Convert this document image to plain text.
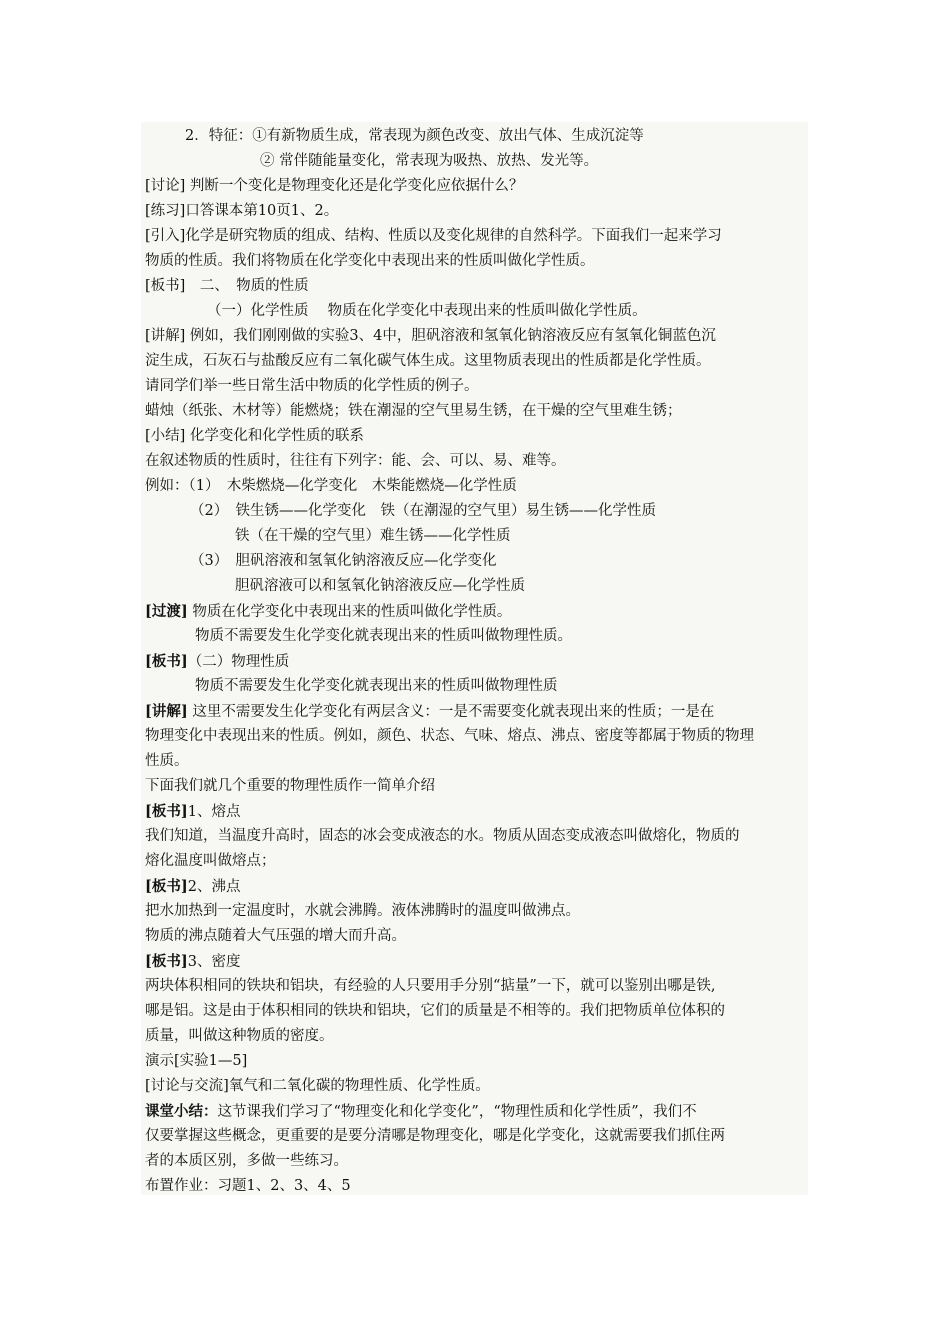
2．特征：①有新物质生成，常表现为颜色改变、放出气体、生成沉淀等
② 常伴随能量变化，常表现为吸热、放热、发光等。
[讨论] 判断一个变化是物理变化还是化学变化应依据什么？
[练习]口答课本第10页1、2。
[引入]化学是研究物质的组成、结构、性质以及变化规律的自然科学。下面我们一起来学习
物质的性质。我们将物质在化学变化中表现出来的性质叫做化学性质。
[板书]　二、　物质的性质
（一）化学性质　 物质在化学变化中表现出来的性质叫做化学性质。
[讲解] 例如，我们刚刚做的实验3、4中，胆矾溶液和氢氧化钠溶液反应有氢氧化铜蓝色沉
淀生成，石灰石与盐酸反应有二氧化碳气体生成。这里物质表现出的性质都是化学性质。
请同学们举一些日常生活中物质的化学性质的例子。
蜡烛（纸张、木材等）能燃烧；铁在潮湿的空气里易生锈，在干燥的空气里难生锈；
[小结] 化学变化和化学性质的联系
在叙述物质的性质时，往往有下列字：能、会、可以、易、难等。
例如：（1）　木柴燃烧—化学变化　木柴能燃烧—化学性质
（2）　铁生锈——化学变化　铁（在潮湿的空气里）易生锈——化学性质
铁（在干燥的空气里）难生锈——化学性质
（3）　胆矾溶液和氢氧化钠溶液反应—化学变化
胆矾溶液可以和氢氧化钠溶液反应—化学性质
[过渡] 物质在化学变化中表现出来的性质叫做化学性质。
物质不需要发生化学变化就表现出来的性质叫做物理性质。
[板书]（二）物理性质
物质不需要发生化学变化就表现出来的性质叫做物理性质
[讲解] 这里不需要发生化学变化有两层含义：一是不需要变化就表现出来的性质；一是在
物理变化中表现出来的性质。例如，颜色、状态、气味、熔点、沸点、密度等都属于物质的物理
性质。
下面我们就几个重要的物理性质作一简单介绍
[板书]1、熔点
我们知道，当温度升高时，固态的冰会变成液态的水。物质从固态变成液态叫做熔化，物质的
熔化温度叫做熔点；
[板书]2、沸点
把水加热到一定温度时，水就会沸腾。液体沸腾时的温度叫做沸点。
物质的沸点随着大气压强的增大而升高。
[板书]3、密度
两块体积相同的铁块和铝块，有经验的人只要用手分别“掂量”一下，就可以鉴别出哪是铁,
哪是铝。这是由于体积相同的铁块和铝块，它们的质量是不相等的。我们把物质单位体积的
质量，叫做这种物质的密度。
演示[实验1—5]
[讨论与交流]氧气和二氧化碳的物理性质、化学性质。
课堂小结：这节课我们学习了“物理变化和化学变化”，“物理性质和化学性质”，我们不
仅要掌握这些概念，更重要的是要分清哪是物理变化，哪是化学变化，这就需要我们抓住两
者的本质区别，多做一些练习。
布置作业：习题1、2、3、4、5
